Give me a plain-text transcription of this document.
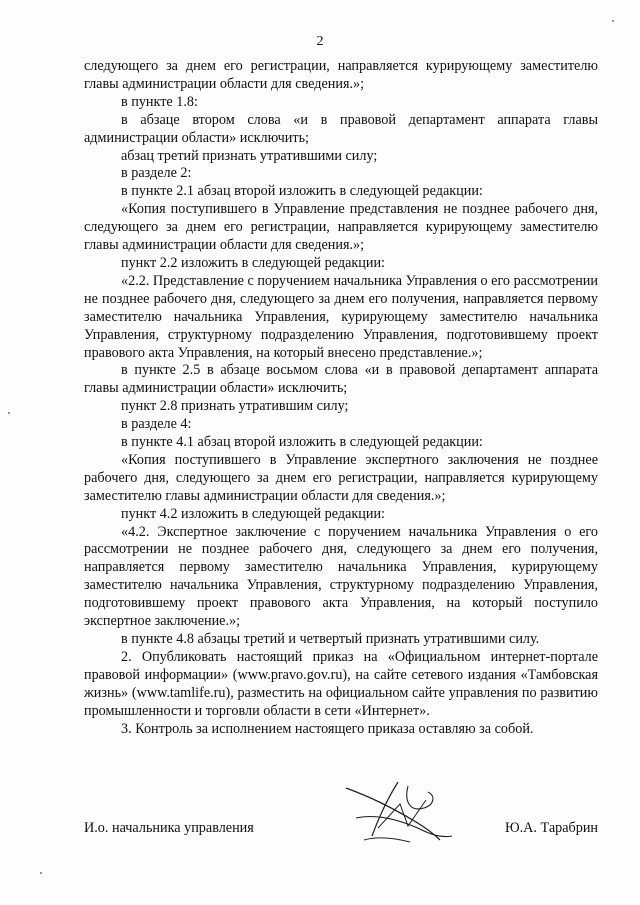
2

следующего за днем его регистрации, направляется курирующему заместителю главы администрации области для сведения.»;

в пункте 1.8:

в абзаце втором слова «и в правовой департамент аппарата главы администрации области» исключить;

абзац третий признать утратившими силу;

в разделе 2:

в пункте 2.1 абзац второй изложить в следующей редакции:

«Копия поступившего в Управление представления не позднее рабочего дня, следующего за днем его регистрации, направляется курирующему заместителю главы администрации области для сведения.»;

пункт 2.2 изложить в следующей редакции:

«2.2. Представление с поручением начальника Управления о его рассмотрении не позднее рабочего дня, следующего за днем его получения, направляется первому заместителю начальника Управления, курирующему заместителю начальника Управления, структурному подразделению Управления, подготовившему проект правового акта Управления, на который внесено представление.»;

в пункте 2.5 в абзаце восьмом слова «и в правовой департамент аппарата главы администрации области» исключить;

пункт 2.8 признать утратившим силу;

в разделе 4:

в пункте 4.1 абзац второй изложить в следующей редакции:

«Копия поступившего в Управление экспертного заключения не позднее рабочего дня, следующего за днем его регистрации, направляется курирующему заместителю главы администрации области для сведения.»;

пункт 4.2 изложить в следующей редакции:

«4.2. Экспертное заключение с поручением начальника Управления о его рассмотрении не позднее рабочего дня, следующего за днем его получения, направляется первому заместителю начальника Управления, курирующему заместителю начальника Управления, структурному подразделению Управления, подготовившему проект правового акта Управления, на который поступило экспертное заключение.»;

в пункте 4.8 абзацы третий и четвертый признать утратившими силу.

2. Опубликовать настоящий приказ на «Официальном интернет-портале правовой информации» (www.pravo.gov.ru), на сайте сетевого издания «Тамбовская жизнь» (www.tamlife.ru), разместить на официальном сайте управления по развитию промышленности и торговли области в сети «Интернет».

3. Контроль за исполнением настоящего приказа оставляю за собой.

И.о. начальника управления	Ю.А. Тарабрин
